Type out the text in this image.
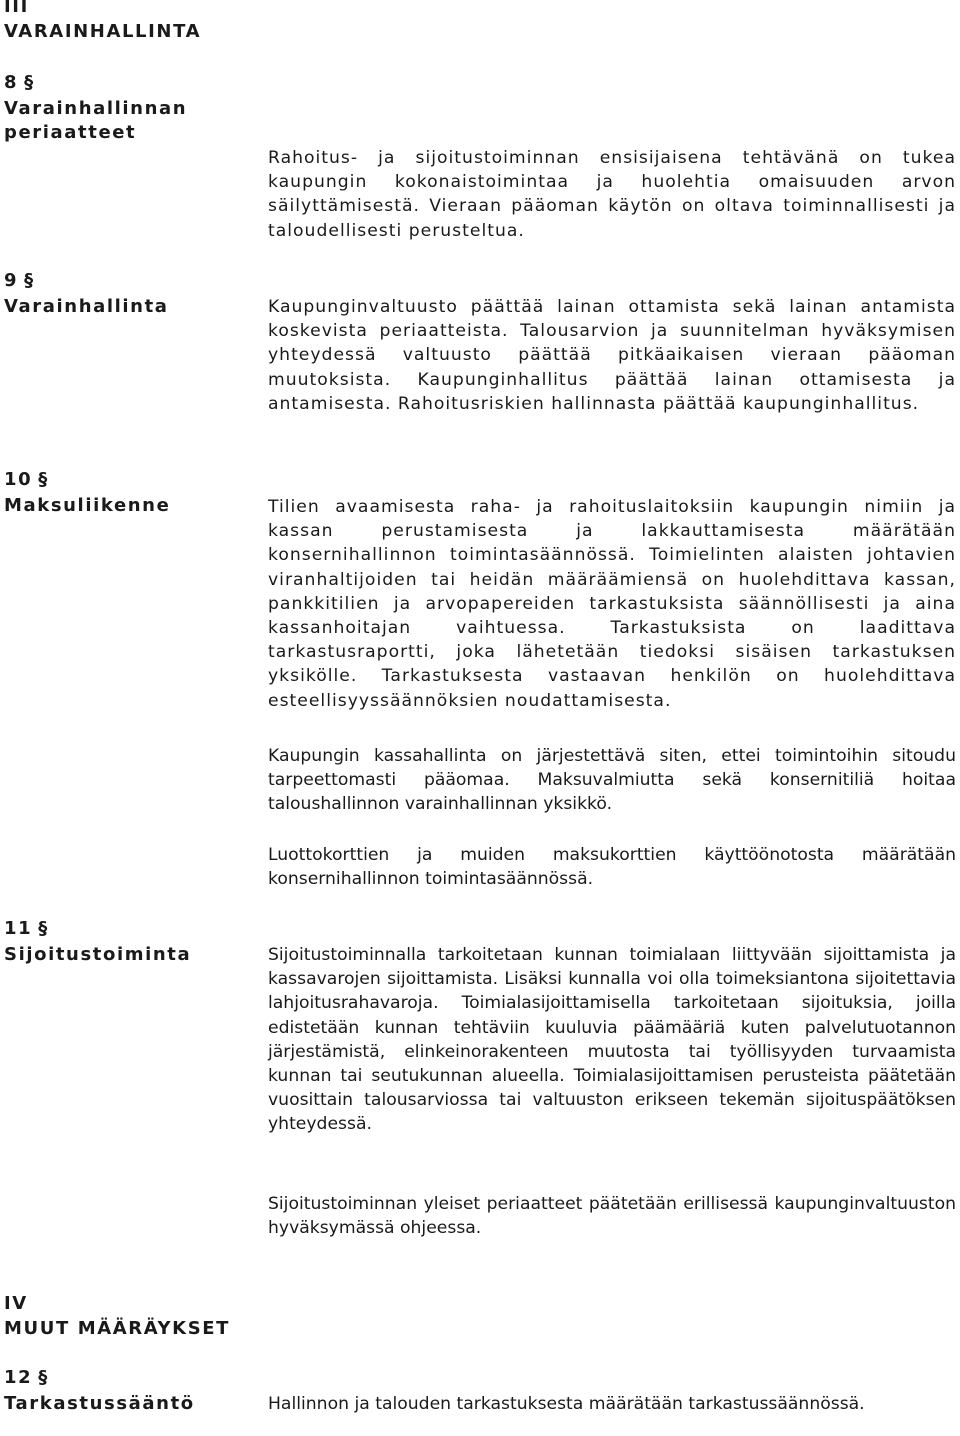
III
VARAINHALLINTA
8 §
Varainhallinnan periaatteet

Rahoitus- ja sijoitustoiminnan ensisijaisena tehtävänä on tukea kaupungin kokonaistoimintaa ja huolehtia omaisuuden arvon säilyttämisestä. Vieraan pääoman käytön on oltava toiminnallisesti ja taloudellisesti perusteltua.

9 §
Varainhallinta	Kaupunginvaltuusto päättää lainan ottamista sekä lainan antamista koskevista periaatteista. Talousarvion ja suunnitelman hyväksymisen yhteydessä valtuusto päättää pitkäaikaisen vieraan pääoman muutoksista. Kaupunginhallitus päättää lainan ottamisesta ja antamisesta. Rahoitusriskien hallinnasta päättää kaupunginhallitus.

10 §
Maksuliikenne	Tilien avaamisesta raha- ja rahoituslaitoksiin kaupungin nimiin ja kassan perustamisesta ja lakkauttamisesta määrätään konsernihallinnon toimintasäännössä. Toimielinten alaisten johtavien viranhaltijoiden tai heidän määräämiensä on huolehdittava kassan, pankkitilien ja arvopapereiden tarkastuksista säännöllisesti ja aina kassanhoitajan vaihtuessa. Tarkastuksista on laadittava tarkastusraportti, joka lähetetään tiedoksi sisäisen tarkastuksen yksikölle. Tarkastuksesta vastaavan henkilön on huolehdittava esteellisyyssäännöksien noudattamisesta.

Kaupungin kassahallinta on järjestettävä siten, ettei toimintoihin sitoudu tarpeettomasti pääomaa. Maksuvalmiutta sekä konsernitiliä hoitaa taloushallinnon varainhallinnan yksikkö.

Luottokorttien ja muiden maksukorttien käyttöönotosta määrätään konsernihallinnon toimintasäännössä.

11 §
Sijoitustoiminta	Sijoitustoiminnalla tarkoitetaan kunnan toimialaan liittyvään sijoittamista ja kassavarojen sijoittamista. Lisäksi kunnalla voi olla toimeksiantona sijoitettavia lahjoitusrahavaroja. Toimialasijoittamisella tarkoitetaan sijoituksia, joilla edistetään kunnan tehtäviin kuuluvia päämääriä kuten palvelutuotannon järjestämistä, elinkeinorakenteen muutosta tai työllisyyden turvaamista kunnan tai seutukunnan alueella. Toimialasijoittamisen perusteista päätetään vuosittain talousarviossa tai valtuuston erikseen tekemän sijoituspäätöksen yhteydessä.

Sijoitustoiminnan yleiset periaatteet päätetään erillisessä kaupunginvaltuuston hyväksymässä ohjeessa.

IV
MUUT MÄÄRÄYKSET
12 §
Tarkastussääntö	Hallinnon ja talouden tarkastuksesta määrätään tarkastussäännössä.
